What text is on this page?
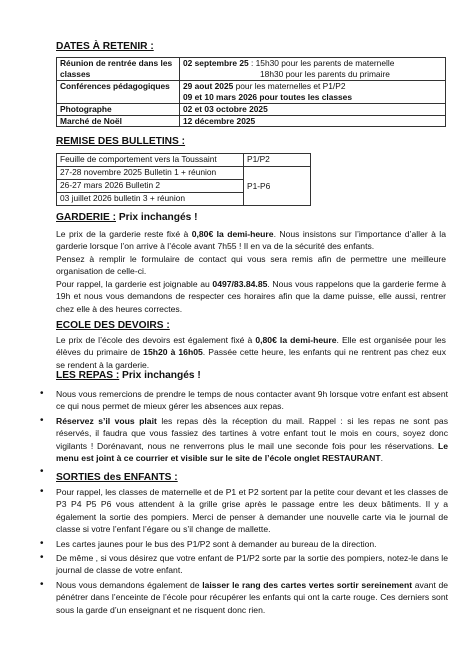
DATES À RETENIR :
Réunion de rentrée dans les classes	02 septembre 25 : 15h30 pour les parents de maternelle
18h30 pour les parents du primaire
Conférences pédagogiques	29 aout 2025 pour les maternelles et P1/P2
09 et 10 mars 2026 pour toutes les classes
Photographe	02 et 03 octobre 2025
Marché de Noël	12 décembre 2025
REMISE DES BULLETINS :
Feuille de comportement vers la Toussaint	P1/P2
27-28 novembre 2025 Bulletin 1 + réunion	P1-P6
26-27 mars 2026 Bulletin 2	
03 juillet 2026 bulletin 3 + réunion	
GARDERIE : Prix inchangés !

Le prix de la garderie reste fixé à 0,80€ la demi-heure. Nous insistons sur l’importance d’aller à la garderie lorsque l’on arrive à l’école avant 7h55 ! Il en va de la sécurité des enfants.

Pensez à remplir le formulaire de contact qui vous sera remis afin de permettre une meilleure organisation de celle-ci.

Pour rappel, la garderie est joignable au 0497/83.84.85. Nous vous rappelons que la garderie ferme à 19h et nous vous demandons de respecter ces horaires afin que la dame puisse, elle aussi, rentrer chez elle à des heures correctes.

ECOLE DES DEVOIRS :

Le prix de l’école des devoirs est également fixé à 0,80€ la demi-heure. Elle est organisée pour les élèves du primaire de 15h20 à 16h05. Passée cette heure, les enfants qui ne rentrent pas chez eux se rendent à la garderie.

LES REPAS : Prix inchangés !
• Nous vous remercions de prendre le temps de nous contacter avant 9h lorsque votre enfant est absent ce qui nous permet de mieux gérer les absences aux repas.
• Réservez s’il vous plait les repas dès la réception du mail. Rappel : si les repas ne sont pas réservés, il faudra que vous fassiez des tartines à votre enfant tout le mois en cours, soyez donc vigilants ! Dorénavant, nous ne renverrons plus le mail une seconde fois pour les réservations. Le menu est joint à ce courrier et visible sur le site de l’école onglet RESTAURANT.
SORTIES des ENFANTS :
• Pour rappel, les classes de maternelle et de P1 et P2 sortent par la petite cour devant et les classes de P3 P4 P5 P6 vous attendent à la grille grise après le passage entre les deux bâtiments. Il y a également la sortie des pompiers. Merci de penser à demander une nouvelle carte via le journal de classe si votre l’enfant l’égare ou s’il change de mallette.
• Les cartes jaunes pour le bus des P1/P2 sont à demander au bureau de la direction.
• De même , si vous désirez que votre enfant de P1/P2 sorte par la sortie des pompiers, notez-le dans le journal de classe de votre enfant.
• Nous vous demandons également de laisser le rang des cartes vertes sortir sereinement avant de pénétrer dans l’enceinte de l’école pour récupérer les enfants qui ont la carte rouge. Ces derniers sont sous la garde d’un enseignant et ne risquent donc rien.
